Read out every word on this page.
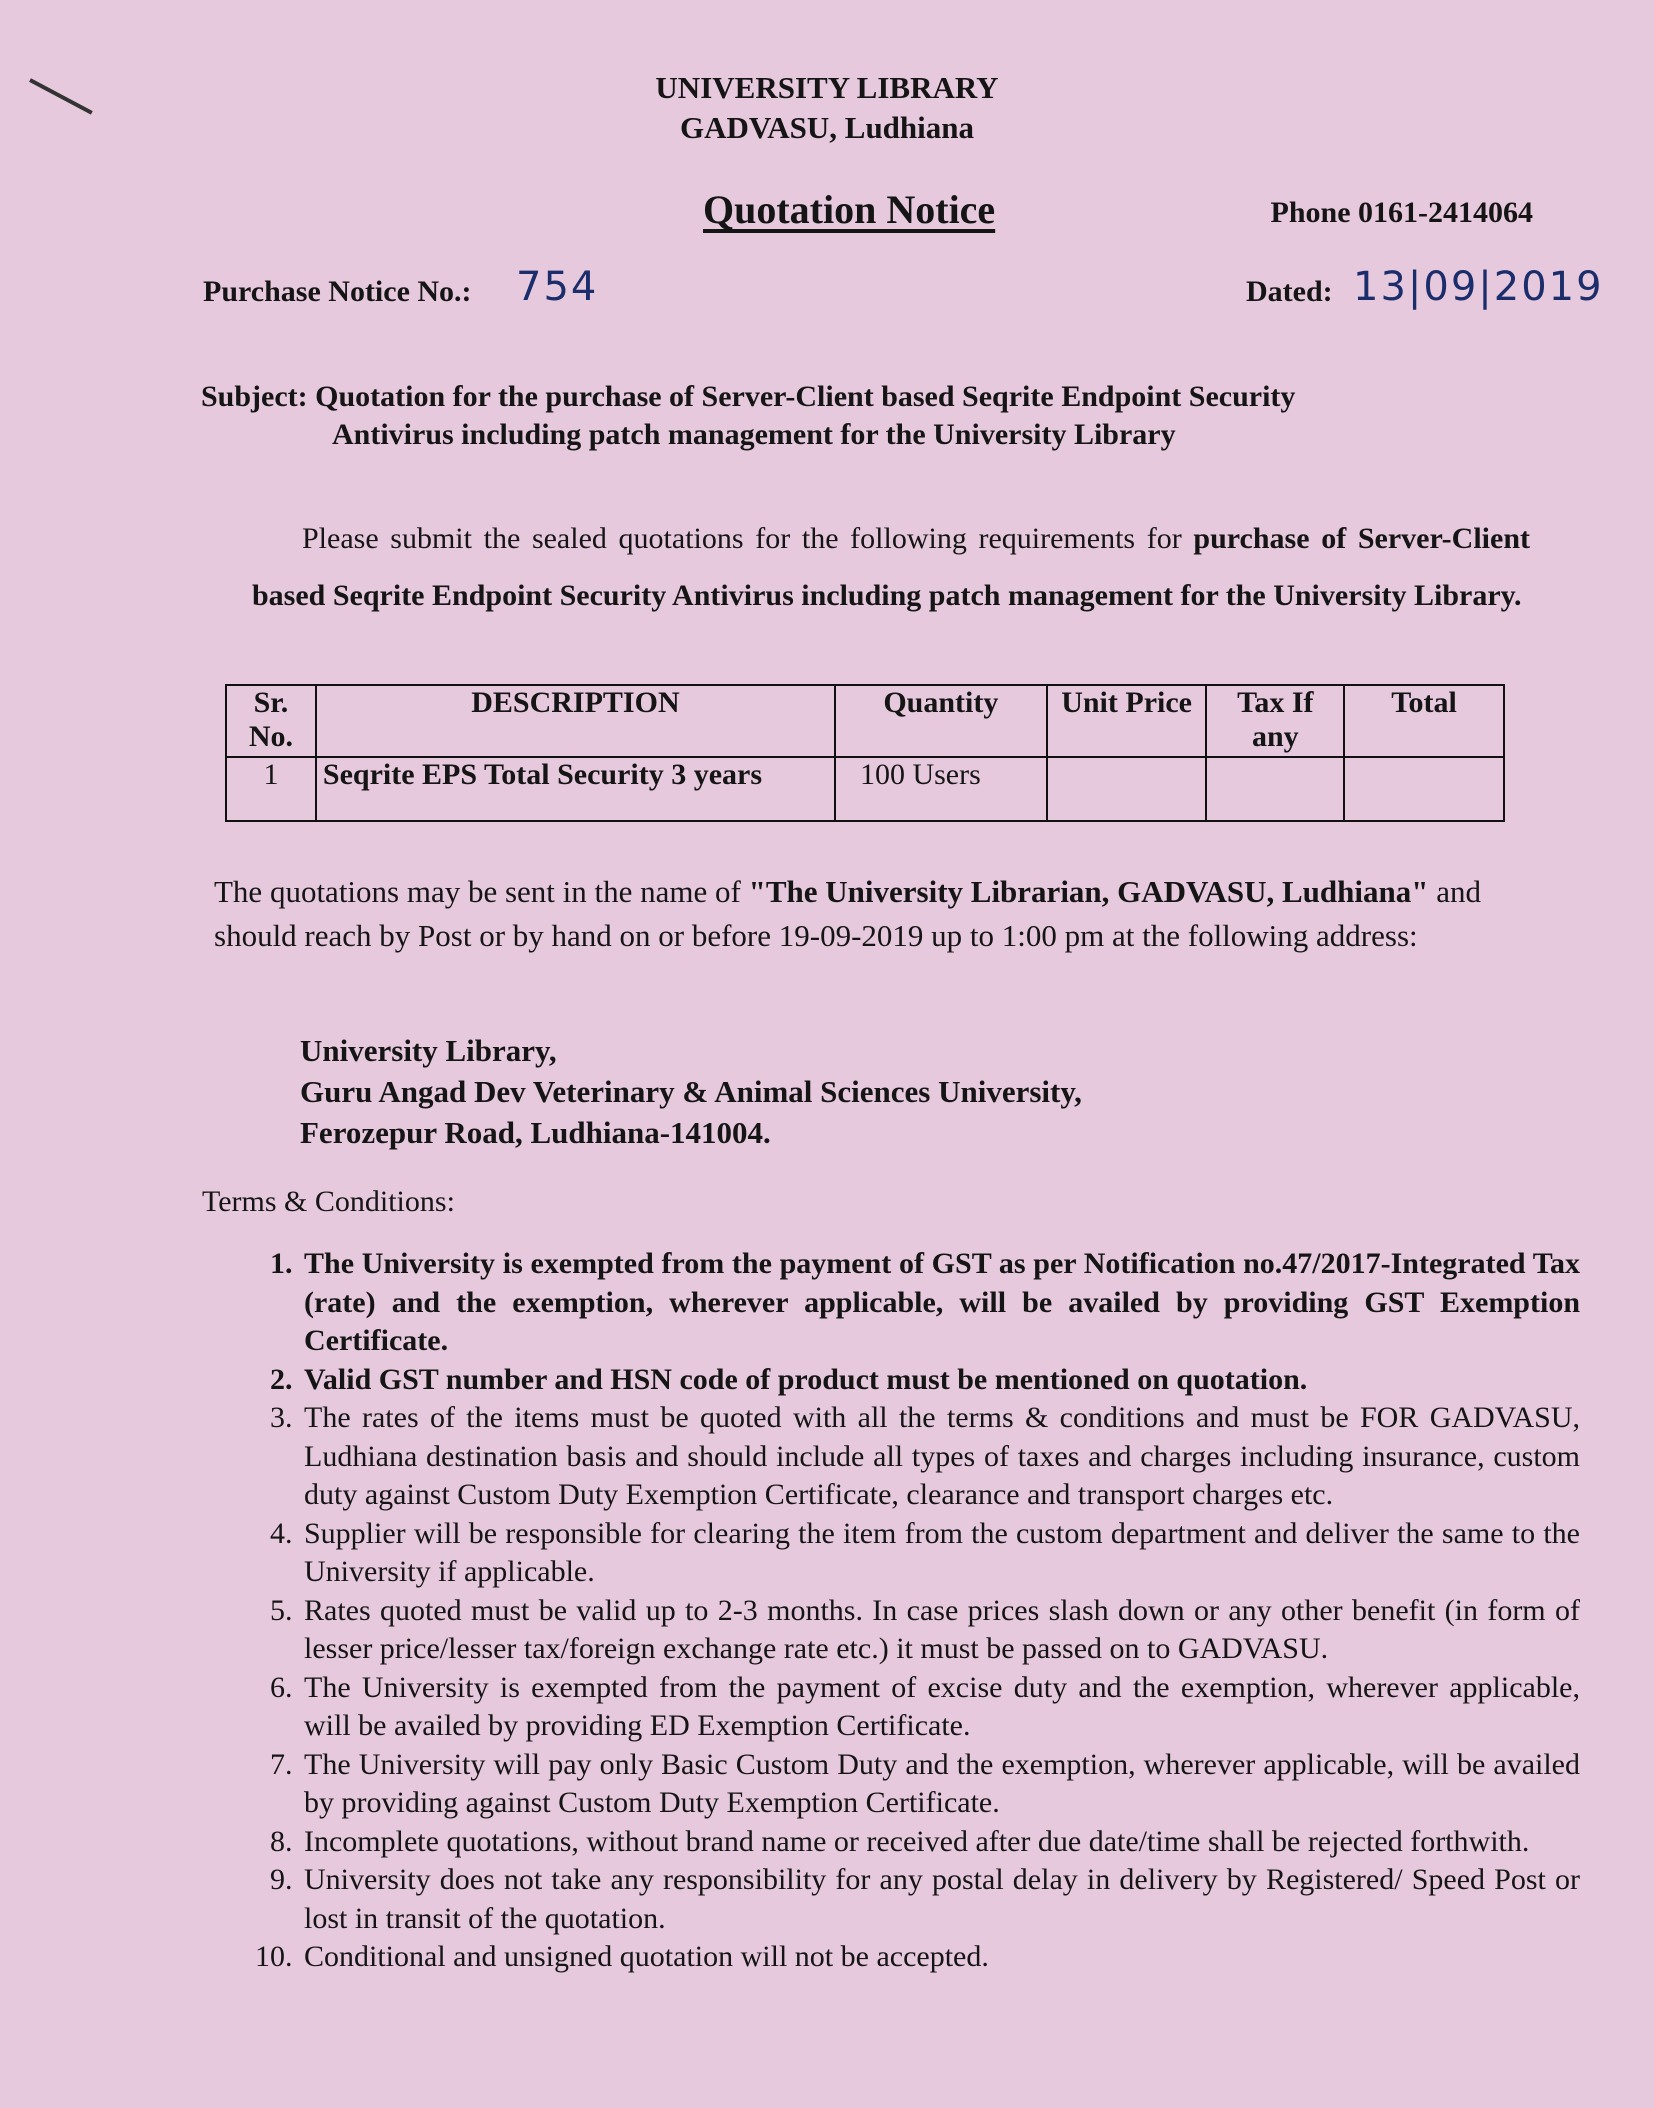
UNIVERSITY LIBRARY
GADVASU, Ludhiana
Quotation Notice	Phone 0161-2414064
Purchase Notice No.: 754	Dated: 13|09|2019
Subject: Quotation for the purchase of Server-Client based Seqrite Endpoint Security
Antivirus including patch management for the University Library
Please submit the sealed quotations for the following requirements for purchase of Server-Client based Seqrite Endpoint Security Antivirus including patch management for the University Library.
Sr. No.	DESCRIPTION	Quantity	Unit Price	Tax If any	Total
1	Seqrite EPS Total Security 3 years	100 Users			
The quotations may be sent in the name of "The University Librarian, GADVASU, Ludhiana" and should reach by Post or by hand on or before 19-09-2019 up to 1:00 pm at the following address:
University Library,
Guru Angad Dev Veterinary & Animal Sciences University,
Ferozepur Road, Ludhiana-141004.
Terms & Conditions:
1. The University is exempted from the payment of GST as per Notification no.47/2017-Integrated Tax (rate) and the exemption, wherever applicable, will be availed by providing GST Exemption Certificate.
2. Valid GST number and HSN code of product must be mentioned on quotation.
3. The rates of the items must be quoted with all the terms & conditions and must be FOR GADVASU, Ludhiana destination basis and should include all types of taxes and charges including insurance, custom duty against Custom Duty Exemption Certificate, clearance and transport charges etc.
4. Supplier will be responsible for clearing the item from the custom department and deliver the same to the University if applicable.
5. Rates quoted must be valid up to 2-3 months. In case prices slash down or any other benefit (in form of lesser price/lesser tax/foreign exchange rate etc.) it must be passed on to GADVASU.
6. The University is exempted from the payment of excise duty and the exemption, wherever applicable, will be availed by providing ED Exemption Certificate.
7. The University will pay only Basic Custom Duty and the exemption, wherever applicable, will be availed by providing against Custom Duty Exemption Certificate.
8. Incomplete quotations, without brand name or received after due date/time shall be rejected forthwith.
9. University does not take any responsibility for any postal delay in delivery by Registered/ Speed Post or lost in transit of the quotation.
10. Conditional and unsigned quotation will not be accepted.
